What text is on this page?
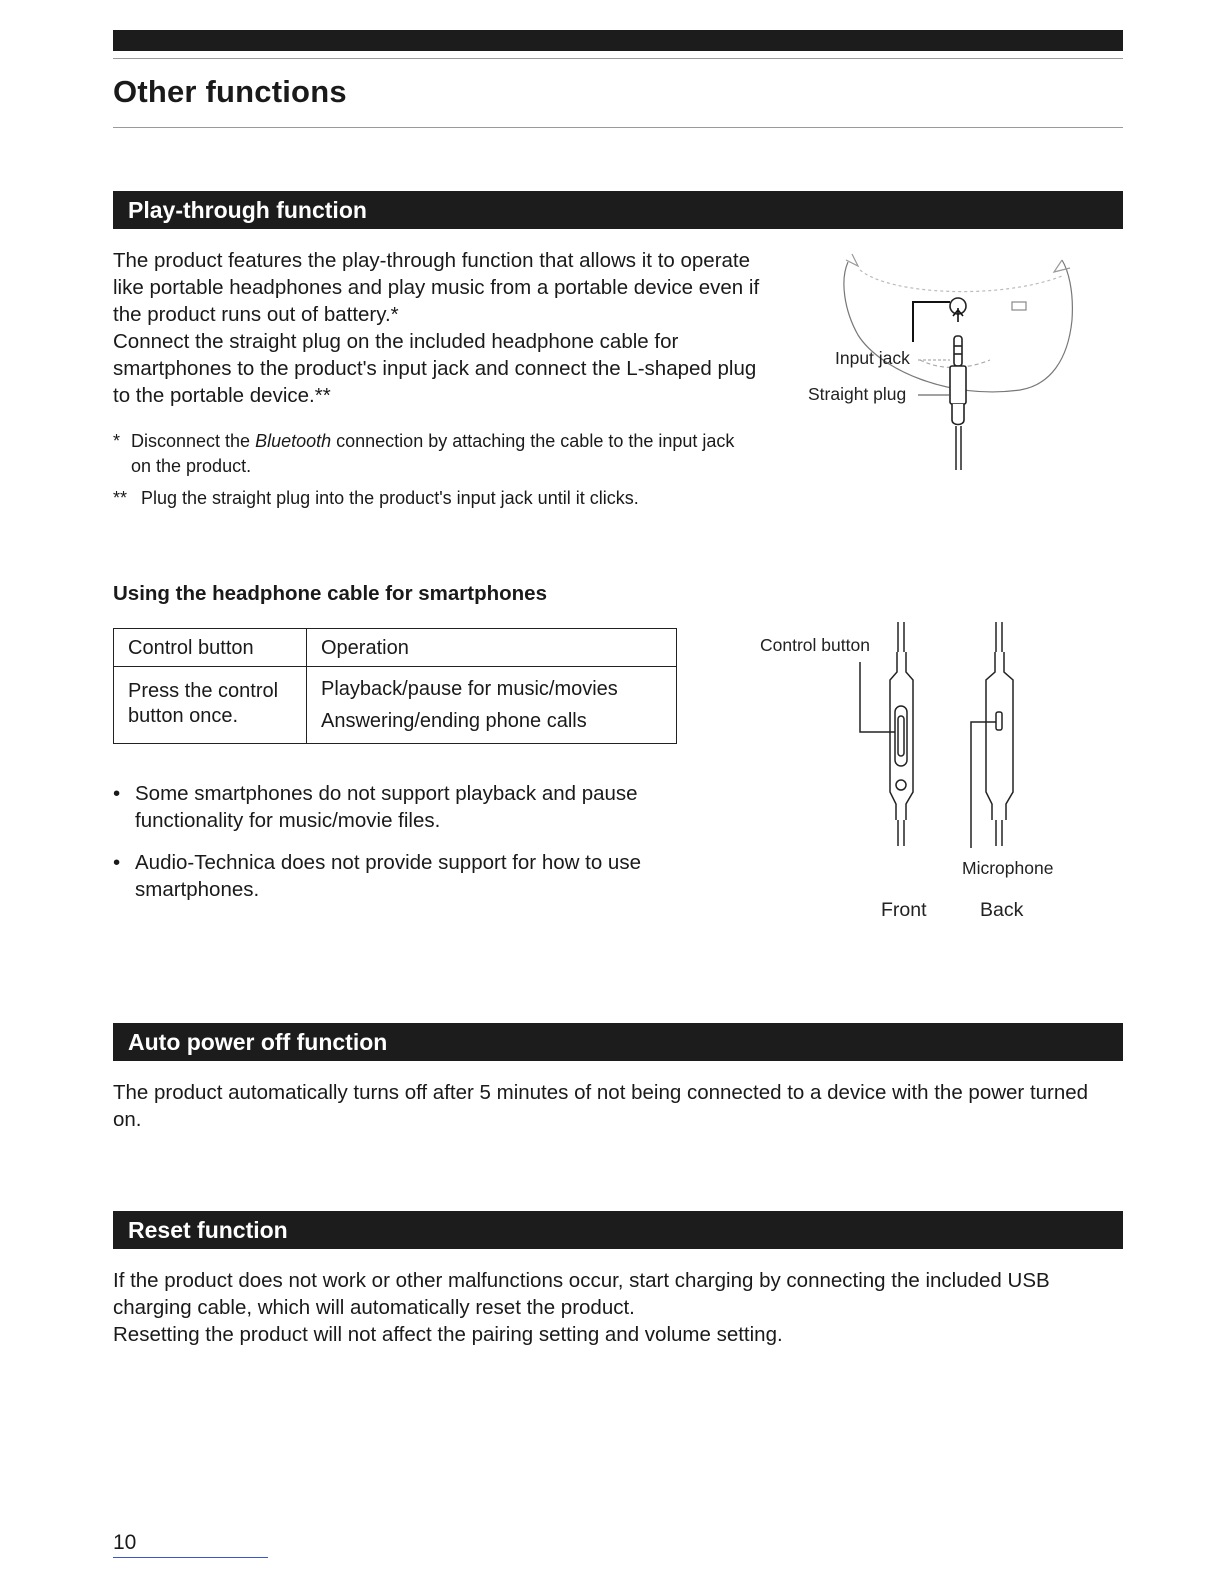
Other functions
Play-through function

The product features the play-through function that allows it to operate like portable headphones and play music from a portable device even if the product runs out of battery.*

Connect the straight plug on the included headphone cable for smartphones to the product's input jack and connect the L-shaped plug to the portable device.**

* Disconnect the Bluetooth connection by attaching the cable to the input jack on the product.
** Plug the straight plug into the product's input jack until it clicks.
Input jack
Straight plug
Using the headphone cable for smartphones
Control button	Operation
Press the control button once.	Playback/pause for music/movies
Answering/ending phone calls
• Some smartphones do not support playback and pause functionality for music/movie files.
• Audio-Technica does not provide support for how to use smartphones.
Control button
Microphone
Front	Back
Auto power off function

The product automatically turns off after 5 minutes of not being connected to a device with the power turned on.

Reset function

If the product does not work or other malfunctions occur, start charging by connecting the included USB charging cable, which will automatically reset the product.

Resetting the product will not affect the pairing setting and volume setting.

10
